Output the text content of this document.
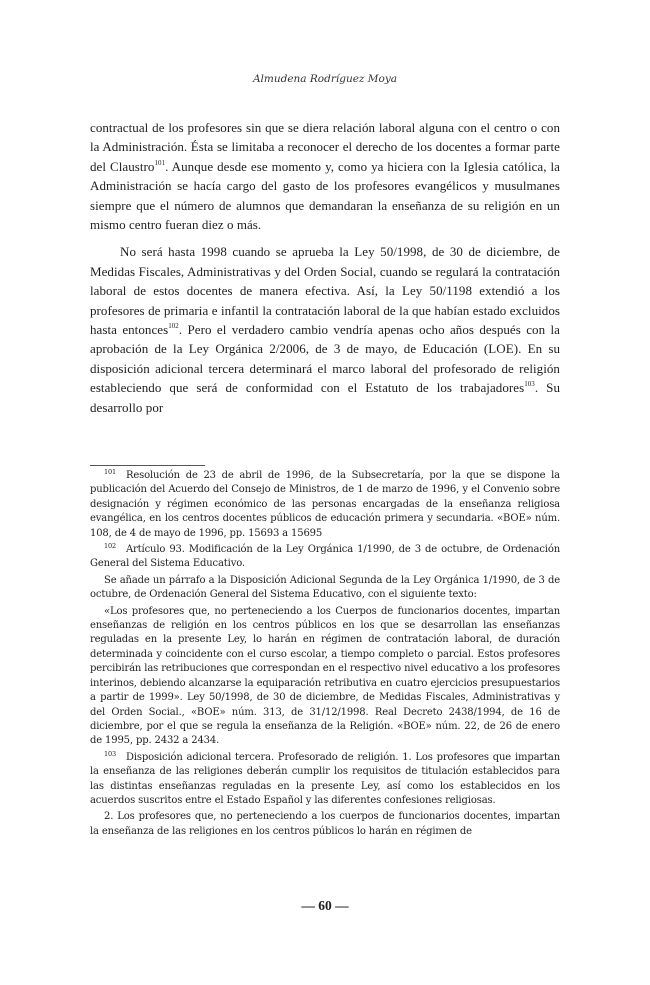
Almudena Rodríguez Moya

contractual de los profesores sin que se diera relación laboral alguna con el centro o con la Administración. Ésta se limitaba a reconocer el derecho de los docentes a formar parte del Claustro$^{101}$. Aunque desde ese momento y, como ya hiciera con la Iglesia católica, la Administración se hacía cargo del gasto de los profesores evangélicos y musulmanes siempre que el número de alumnos que demandaran la enseñanza de su religión en un mismo centro fueran diez o más.

No será hasta 1998 cuando se aprueba la Ley 50/1998, de 30 de diciembre, de Medidas Fiscales, Administrativas y del Orden Social, cuando se regulará la contratación laboral de estos docentes de manera efectiva. Así, la Ley 50/1198 extendió a los profesores de primaria e infantil la contratación laboral de la que habían estado excluidos hasta entonces$^{102}$. Pero el verdadero cambio vendría apenas ocho años después con la aprobación de la Ley Orgánica 2/2006, de 3 de mayo, de Educación (LOE). En su disposición adicional tercera determinará el marco laboral del profesorado de religión estableciendo que será de conformidad con el Estatuto de los trabajadores$^{103}$. Su desarrollo por

$^{101}$ Resolución de 23 de abril de 1996, de la Subsecretaría, por la que se dispone la publicación del Acuerdo del Consejo de Ministros, de 1 de marzo de 1996, y el Convenio sobre designación y régimen económico de las personas encargadas de la enseñanza religiosa evangélica, en los centros docentes públicos de educación primera y secundaria. «BOE» núm. 108, de 4 de mayo de 1996, pp. 15693 a 15695

$^{102}$ Artículo 93. Modificación de la Ley Orgánica 1/1990, de 3 de octubre, de Ordenación General del Sistema Educativo.

Se añade un párrafo a la Disposición Adicional Segunda de la Ley Orgánica 1/1990, de 3 de octubre, de Ordenación General del Sistema Educativo, con el siguiente texto:

«Los profesores que, no perteneciendo a los Cuerpos de funcionarios docentes, impartan enseñanzas de religión en los centros públicos en los que se desarrollan las enseñanzas reguladas en la presente Ley, lo harán en régimen de contratación laboral, de duración determinada y coincidente con el curso escolar, a tiempo completo o parcial. Estos profesores percibirán las retribuciones que correspondan en el respectivo nivel educativo a los profesores interinos, debiendo alcanzarse la equiparación retributiva en cuatro ejercicios presupuestarios a partir de 1999». Ley 50/1998, de 30 de diciembre, de Medidas Fiscales, Administrativas y del Orden Social., «BOE» núm. 313, de 31/12/1998. Real Decreto 2438/1994, de 16 de diciembre, por el que se regula la enseñanza de la Religión. «BOE» núm. 22, de 26 de enero de 1995, pp. 2432 a 2434.

$^{103}$ Disposición adicional tercera. Profesorado de religión. 1. Los profesores que impartan la enseñanza de las religiones deberán cumplir los requisitos de titulación establecidos para las distintas enseñanzas reguladas en la presente Ley, así como los establecidos en los acuerdos suscritos entre el Estado Español y las diferentes confesiones religiosas.

2. Los profesores que, no perteneciendo a los cuerpos de funcionarios docentes, impartan la enseñanza de las religiones en los centros públicos lo harán en régimen de

— 60 —
